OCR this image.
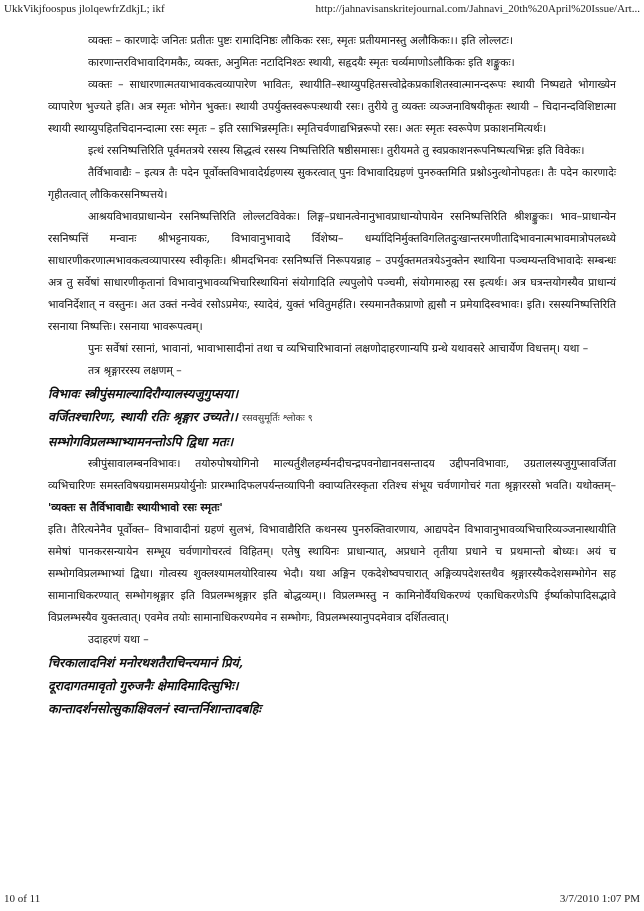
UkkVikjfoospus jlolqewfrZdkjL; ikf	http://jahnavisanskritejournal.com/Jahnavi_20th%20April%20Issue/Art...

व्यक्तः – कारणादेः जनितः प्रतीतः पुष्टः रामादिनिष्ठः लौकिकः रसः, स्मृतः प्रतीयमानस्तु अलौकिकः।। इति लोल्लटः।

कारणान्तरविभावादिगमकैः, व्यक्तः, अनुमितः नटादिनिश्ठः स्थायी, सहृदयैः स्मृतः चर्व्यमाणोऽलौकिकः इति शङ्कुकः।

व्यक्तः – साधारणात्मतयाभावकत्वव्यापारेण भावितः, स्थायीति–स्थाय्युपहितसत्त्वोद्रेकप्रकाशितस्वात्मानन्दरूपः स्थायी निष्पद्यते भोगाख्येन व्यापारेण भुज्यते इति। अत्र स्मृतः भोगेन भुक्तः। स्थायी उपर्युक्तस्वरूपःस्थायी रसः। तुरीये तु व्यक्तः व्यञ्जनाविषयीकृतः स्थायी – चिदानन्दविशिष्टात्मा स्थायी स्थाय्युपहितचिदानन्दात्मा रसः स्मृतः – इति रसाभिन्नस्मृतिः। स्मृतिचर्वणाद्यभिन्नरूपो रसः। अतः स्मृतः स्वरूपेण प्रकाशनमित्यर्थः।

इत्थं रसनिष्पत्तिरिति पूर्वमतत्रये रसस्य सिद्धत्वं रसस्य निष्पत्तिरिति षष्ठीसमासः। तुरीयमते तु स्वप्रकाशनरूपनिष्पत्यभिन्नः इति विवेकः।

तैर्विभावाद्यैः – इत्यत्र तैः पदेन पूर्वोक्तविभावादेर्ग्रहणस्य सुकरत्वात् पुनः विभावादिग्रहणं पुनरुक्तमिति प्रश्नोऽनुत्थोनोपहतः। तैः पदेन कारणादेः गृहीतत्वात् लौकिकरसनिष्पत्तये।

आश्रयविभावप्राधान्येन रसनिष्पत्तिरिति लोल्लटविवेकः। लिङ्ग–प्रधानत्वेनानुभावप्राधान्योपायेन रसनिष्पत्तिरिति श्रीशङ्कुकः। भाव–प्राधान्येन रसनिष्पत्तिं मन्वानः श्रीभट्टनायकः, विभावानुभावादे र्विशेष्य– धर्म्यादिनिर्मुक्तविगलितदुःखान्तरमणीतादिभावनात्मभावमात्रोपलब्ध्ये साधारणीकरणात्मभावकत्वव्यापारस्य स्वीकृतिः। श्रीमदभिनवः रसनिष्पत्तिं निरूपयन्नाह – उपर्युक्तमतत्रयेऽनुक्तेन स्थायिना पञ्चम्यन्तविभावादेः सम्बन्धः अत्र तु सर्वेषां साधारणीकृतानां विभावानुभावव्यभिचारिस्थायिनां संयोगादिति ल्यपुलोपे पञ्चमी, संयोगमारुह्य रस इत्यर्थः। अत्र घत्रन्तयोगस्यैव प्राधान्यं भावनिर्देशात् न वस्तुनः। अत उक्तं नन्वेवं रसोऽप्रमेयः, स्यादेवं, युक्तं भवितुमर्हति। रस्यमानतैकप्राणो ह्यसौ न प्रमेयादिस्वभावः। इति। रसस्यनिष्पत्तिरिति रसनाया निष्पत्तिः। रसनाया भावरूपत्वम्।

पुनः सर्वेषां रसानां, भावानां, भावाभासादीनां तथा च व्यभिचारिभावानां लक्षणोदाहरणान्यपि ग्रन्थे यथावसरे आचार्येण विधत्तम्। यथा –

तत्र श्रृङ्गाररस्य लक्षणम् –

विभावः स्त्रीपुंसमाल्यादिरौग्यालस्यजुगुप्सया।

वर्जितश्चारिणः, स्थायी रतिः श्रृङ्गार उच्यते।। रसवसुमूर्तिः श्लोकः ९

सम्भोगविप्रलम्भाभ्यामनन्तोऽपि द्विधा मतः।

स्त्रीपुंसावालम्बनविभावः। तयोरुपोषयोगिनो माल्यर्तुशैलहर्म्यनदीचन्द्रपवनोद्यानवसन्तादय उद्दीपनविभावाः, उग्रतालस्यजुगुप्सावर्जिता व्यभिचारिणः समस्तविषयग्रामसमप्रयोर्युनोः प्रारम्भादिफलपर्यन्तव्यापिनी क्वाप्यतिरस्कृता रतिश्च संभूय चर्वणागोचरं गता श्रृङ्गाररसो भवति। यथोक्तम्– 'व्यक्तः स तैर्विभावाद्यैः स्थायीभावो रसः स्मृतः'

इति। तैरित्यनेनैव पूर्वोक्त– विभावादीनां ग्रहणं सुलभं, विभावाद्यैरिति कथनस्य पुनरुक्तिवारणाय, आद्यपदेन विभावानुभावव्यभिचारिव्यञ्जनास्थायीति समेषां पानकरसन्यायेन सम्भूय चर्वणागोचरत्वं विहितम्। एतेषु स्थायिनः प्राधान्यात्, अप्रधाने तृतीया प्रधाने च प्रथमान्तो बोध्यः। अयं च सम्भोगविप्रलम्भाभ्यां द्विधा। गोत्वस्य शुक्लश्यामलयोरिवास्य भेदौ। यथा अङ्गिन एकदेशेष्वपचारात् अङ्गिव्यपदेशस्तथैव श्रृङ्गारस्यैकदेशसम्भोगेन सह सामानाधिकरण्यात् सम्भोगश्रृङ्गार इति विप्रलम्भश्रृङ्गार इति बोद्धव्यम्।। विप्रलम्भस्तु न कामिनोर्वैयधिकरण्यं एकाधिकरणेऽपि ईर्ष्याकोपादिसद्भावे विप्रलम्भस्यैव युक्तत्वात्। एवमेव तयोः सामानाधिकरण्यमेव न सम्भोगः, विप्रलम्भस्यानुपदमेवात्र दर्शितत्वात्।

उदाहरणं यथा –

चिरकालादनिशं मनोरथशतैराचिन्त्यमानं प्रियं,

दूरादागतमावृतो गुरुजनैः क्षेमादिमादित्सुभिः।

कान्तादर्शनसोत्सुकाक्षिवलनं स्वान्तर्निशान्तादबहिः

10 of 11	3/7/2010 1:07 PM
